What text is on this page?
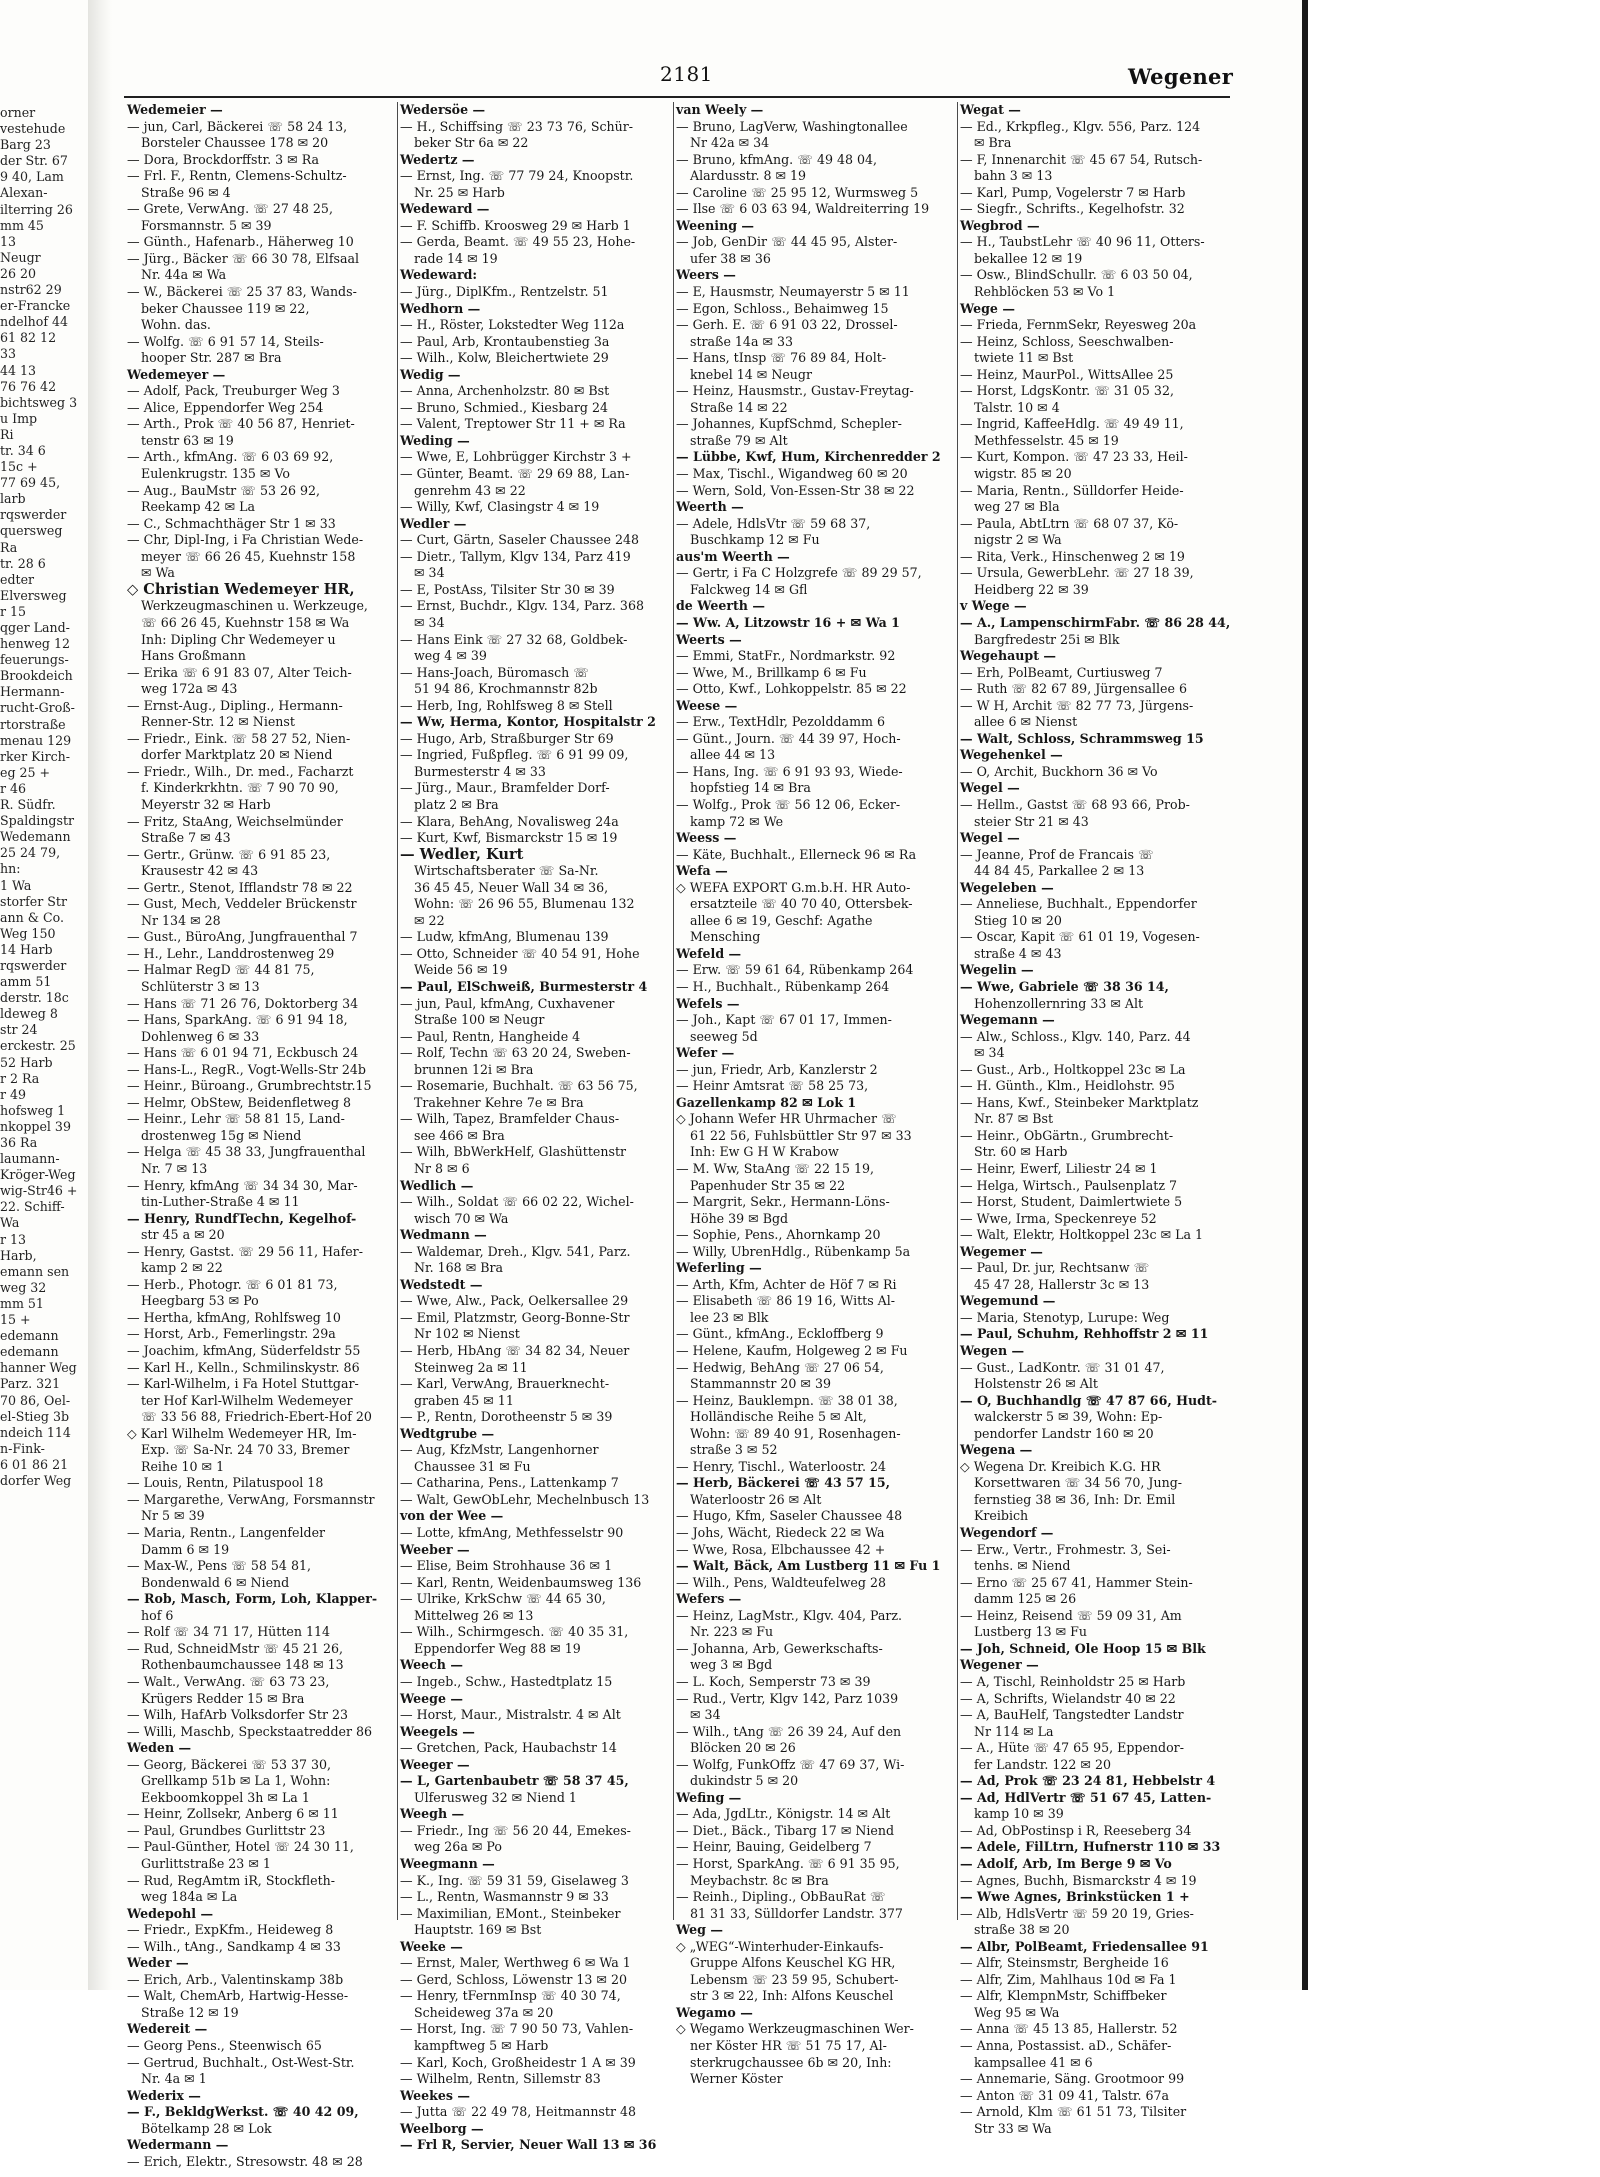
orner
vestehude
Barg 23
der Str. 67
9 40, Lam
Alexan-
ilterring 26
mm 45
13
Neugr
26 20
nstr62 29
er-Francke
ndelhof 44
61 82 12
33
44 13
76 76 42
bichtsweg 3
u Imp
Ri
tr. 34 6
15c +
77 69 45,
larb
rqswerder
quersweg
Ra
tr. 28 6
edter
Elversweg
r 15
qger Land-
henweg 12
feuerungs-
Brookdeich
Hermann-
rucht-Groß-
rtorstraße
menau 129
rker Kirch-
eg 25 +
r 46
R. Südfr.
Spaldingstr
Wedemann
25 24 79,
hn:
1 Wa
storfer Str
ann & Co.
Weg 150
14 Harb
rqswerder
amm 51
derstr. 18c
ldeweg 8
str 24
erckestr. 25
52 Harb
r 2 Ra
r 49
hofsweg 1
nkoppel 39
36 Ra
laumann-
Kröger-Weg
wig-Str46 +
22. Schiff-
Wa
r 13
Harb,
emann sen
weg 32
mm 51
15 +
edemann
edemann
hanner Weg
Parz. 321
70 86, Oel-
el-Stieg 3b
ndeich 114
n-Fink-
6 01 86 21
dorfer Weg
2181	Wegener
Wedemeier —
— jun, Carl, Bäckerei ☏ 58 24 13,
Borsteler Chaussee 178 ✉ 20
— Dora, Brockdorffstr. 3 ✉ Ra
— Frl. F., Rentn, Clemens-Schultz-
Straße 96 ✉ 4
— Grete, VerwAng. ☏ 27 48 25,
Forsmannstr. 5 ✉ 39
— Günth., Hafenarb., Häherweg 10
— Jürg., Bäcker ☏ 66 30 78, Elfsaal
Nr. 44a ✉ Wa
— W., Bäckerei ☏ 25 37 83, Wands-
beker Chaussee 119 ✉ 22,
Wohn. das.
— Wolfg. ☏ 6 91 57 14, Steils-
hooper Str. 287 ✉ Bra
Wedemeyer —
— Adolf, Pack, Treuburger Weg 3
— Alice, Eppendorfer Weg 254
— Arth., Prok ☏ 40 56 87, Henriet-
tenstr 63 ✉ 19
— Arth., kfmAng. ☏ 6 03 69 92,
Eulenkrugstr. 135 ✉ Vo
— Aug., BauMstr ☏ 53 26 92,
Reekamp 42 ✉ La
— C., Schmachthäger Str 1 ✉ 33
— Chr, Dipl-Ing, i Fa Christian Wede-
meyer ☏ 66 26 45, Kuehnstr 158
✉ Wa
◇ Christian Wedemeyer HR,
Werkzeugmaschinen u. Werkzeuge,
☏ 66 26 45, Kuehnstr 158 ✉ Wa
Inh: Dipling Chr Wedemeyer u
Hans Großmann
— Erika ☏ 6 91 83 07, Alter Teich-
weg 172a ✉ 43
— Ernst-Aug., Dipling., Hermann-
Renner-Str. 12 ✉ Nienst
— Friedr., Eink. ☏ 58 27 52, Nien-
dorfer Marktplatz 20 ✉ Niend
— Friedr., Wilh., Dr. med., Facharzt
f. Kinderkrkhtn. ☏ 7 90 70 90,
Meyerstr 32 ✉ Harb
— Fritz, StaAng, Weichselmünder
Straße 7 ✉ 43
— Gertr., Grünw. ☏ 6 91 85 23,
Krausestr 42 ✉ 43
— Gertr., Stenot, Ifflandstr 78 ✉ 22
— Gust, Mech, Veddeler Brückenstr
Nr 134 ✉ 28
— Gust., BüroAng, Jungfrauenthal 7
— H., Lehr., Landdrostenweg 29
— Halmar RegD ☏ 44 81 75,
Schlüterstr 3 ✉ 13
— Hans ☏ 71 26 76, Doktorberg 34
— Hans, SparkAng. ☏ 6 91 94 18,
Dohlenweg 6 ✉ 33
— Hans ☏ 6 01 94 71, Eckbusch 24
— Hans-L., RegR., Vogt-Wells-Str 24b
— Heinr., Büroang., Grumbrechtstr.15
— Helmr, ObStew, Beidenfletweg 8
— Heinr., Lehr ☏ 58 81 15, Land-
drostenweg 15g ✉ Niend
— Helga ☏ 45 38 33, Jungfrauenthal
Nr. 7 ✉ 13
— Henry, kfmAng ☏ 34 34 30, Mar-
tin-Luther-Straße 4 ✉ 11
— Henry, RundfTechn, Kegelhof-
str 45 a ✉ 20
— Henry, Gastst. ☏ 29 56 11, Hafer-
kamp 2 ✉ 22
— Herb., Photogr. ☏ 6 01 81 73,
Heegbarg 53 ✉ Po
— Hertha, kfmAng, Rohlfsweg 10
— Horst, Arb., Femerlingstr. 29a
— Joachim, kfmAng, Süderfeldstr 55
— Karl H., Kelln., Schmilinskystr. 86
— Karl-Wilhelm, i Fa Hotel Stuttgar-
ter Hof Karl-Wilhelm Wedemeyer
☏ 33 56 88, Friedrich-Ebert-Hof 20
◇ Karl Wilhelm Wedemeyer HR, Im-
Exp. ☏ Sa-Nr. 24 70 33, Bremer
Reihe 10 ✉ 1
— Louis, Rentn, Pilatuspool 18
— Margarethe, VerwAng, Forsmannstr
Nr 5 ✉ 39
— Maria, Rentn., Langenfelder
Damm 6 ✉ 19
— Max-W., Pens ☏ 58 54 81,
Bondenwald 6 ✉ Niend
— Rob, Masch, Form, Loh, Klapper-
hof 6
— Rolf ☏ 34 71 17, Hütten 114
— Rud, SchneidMstr ☏ 45 21 26,
Rothenbaumchaussee 148 ✉ 13
— Walt., VerwAng. ☏ 63 73 23,
Krügers Redder 15 ✉ Bra
— Wilh, HafArb Volksdorfer Str 23
— Willi, Maschb, Speckstaatredder 86
Weden —
— Georg, Bäckerei ☏ 53 37 30,
Grellkamp 51b ✉ La 1, Wohn:
Eekboomkoppel 3h ✉ La 1
— Heinr, Zollsekr, Anberg 6 ✉ 11
— Paul, Grundbes Gurlittstr 23
— Paul-Günther, Hotel ☏ 24 30 11,
Gurlittstraße 23 ✉ 1
— Rud, RegAmtm iR, Stockfleth-
weg 184a ✉ La
Wedepohl —
— Friedr., ExpKfm., Heideweg 8
— Wilh., tAng., Sandkamp 4 ✉ 33
Weder —
— Erich, Arb., Valentinskamp 38b
— Walt, ChemArb, Hartwig-Hesse-
Straße 12 ✉ 19
Wedereit —
— Georg Pens., Steenwisch 65
— Gertrud, Buchhalt., Ost-West-Str.
Nr. 4a ✉ 1
Wederix —
— F., BekldgWerkst. ☏ 40 42 09,
Bötelkamp 28 ✉ Lok
Wedermann —
— Erich, Elektr., Stresowstr. 48 ✉ 28
Wedersöe —
— H., Schiffsing ☏ 23 73 76, Schür-
beker Str 6a ✉ 22
Wedertz —
— Ernst, Ing. ☏ 77 79 24, Knoopstr.
Nr. 25 ✉ Harb
Wedeward —
— F. Schiffb. Kroosweg 29 ✉ Harb 1
— Gerda, Beamt. ☏ 49 55 23, Hohe-
rade 14 ✉ 19
Wedeward:
— Jürg., DiplKfm., Rentzelstr. 51
Wedhorn —
— H., Röster, Lokstedter Weg 112a
— Paul, Arb, Krontaubenstieg 3a
— Wilh., Kolw, Bleichertwiete 29
Wedig —
— Anna, Archenholzstr. 80 ✉ Bst
— Bruno, Schmied., Kiesbarg 24
— Valent, Treptower Str 11 + ✉ Ra
Weding —
— Wwe, E, Lohbrügger Kirchstr 3 +
— Günter, Beamt. ☏ 29 69 88, Lan-
genrehm 43 ✉ 22
— Willy, Kwf, Clasingstr 4 ✉ 19
Wedler —
— Curt, Gärtn, Saseler Chaussee 248
— Dietr., Tallym, Klgv 134, Parz 419
✉ 34
— E, PostAss, Tilsiter Str 30 ✉ 39
— Ernst, Buchdr., Klgv. 134, Parz. 368
✉ 34
— Hans Eink ☏ 27 32 68, Goldbek-
weg 4 ✉ 39
— Hans-Joach, Büromasch ☏
51 94 86, Krochmannstr 82b
— Herb, Ing, Rohlfsweg 8 ✉ Stell
— Ww, Herma, Kontor, Hospitalstr 2
— Hugo, Arb, Straßburger Str 69
— Ingried, Fußpfleg. ☏ 6 91 99 09,
Burmesterstr 4 ✉ 33
— Jürg., Maur., Bramfelder Dorf-
platz 2 ✉ Bra
— Klara, BehAng, Novalisweg 24a
— Kurt, Kwf, Bismarckstr 15 ✉ 19
— Wedler, Kurt
Wirtschaftsberater ☏ Sa-Nr.
36 45 45, Neuer Wall 34 ✉ 36,
Wohn: ☏ 26 96 55, Blumenau 132
✉ 22
— Ludw, kfmAng, Blumenau 139
— Otto, Schneider ☏ 40 54 91, Hohe
Weide 56 ✉ 19
— Paul, ElSchweiß, Burmesterstr 4
— jun, Paul, kfmAng, Cuxhavener
Straße 100 ✉ Neugr
— Paul, Rentn, Hangheide 4
— Rolf, Techn ☏ 63 20 24, Sweben-
brunnen 12i ✉ Bra
— Rosemarie, Buchhalt. ☏ 63 56 75,
Trakehner Kehre 7e ✉ Bra
— Wilh, Tapez, Bramfelder Chaus-
see 466 ✉ Bra
— Wilh, BbWerkHelf, Glashüttenstr
Nr 8 ✉ 6
Wedlich —
— Wilh., Soldat ☏ 66 02 22, Wichel-
wisch 70 ✉ Wa
Wedmann —
— Waldemar, Dreh., Klgv. 541, Parz.
Nr. 168 ✉ Bra
Wedstedt —
— Wwe, Alw., Pack, Oelkersallee 29
— Emil, Platzmstr, Georg-Bonne-Str
Nr 102 ✉ Nienst
— Herb, HbAng ☏ 34 82 34, Neuer
Steinweg 2a ✉ 11
— Karl, VerwAng, Brauerknecht-
graben 45 ✉ 11
— P., Rentn, Dorotheenstr 5 ✉ 39
Wedtgrube —
— Aug, KfzMstr, Langenhorner
Chaussee 31 ✉ Fu
— Catharina, Pens., Lattenkamp 7
— Walt, GewObLehr, Mechelnbusch 13
von der Wee —
— Lotte, kfmAng, Methfesselstr 90
Weeber —
— Elise, Beim Strohhause 36 ✉ 1
— Karl, Rentn, Weidenbaumsweg 136
— Ulrike, KrkSchw ☏ 44 65 30,
Mittelweg 26 ✉ 13
— Wilh., Schirmgesch. ☏ 40 35 31,
Eppendorfer Weg 88 ✉ 19
Weech —
— Ingeb., Schw., Hastedtplatz 15
Weege —
— Horst, Maur., Mistralstr. 4 ✉ Alt
Weegels —
— Gretchen, Pack, Haubachstr 14
Weeger —
— L, Gartenbaubetr ☏ 58 37 45,
Ulferusweg 32 ✉ Niend 1
Weegh —
— Friedr., Ing ☏ 56 20 44, Emekes-
weg 26a ✉ Po
Weegmann —
— K., Ing. ☏ 59 31 59, Giselaweg 3
— L., Rentn, Wasmannstr 9 ✉ 33
— Maximilian, EMont., Steinbeker
Hauptstr. 169 ✉ Bst
Weeke —
— Ernst, Maler, Werthweg 6 ✉ Wa 1
— Gerd, Schloss, Löwenstr 13 ✉ 20
— Henry, tFernmInsp ☏ 40 30 74,
Scheideweg 37a ✉ 20
— Horst, Ing. ☏ 7 90 50 73, Vahlen-
kampftweg 5 ✉ Harb
— Karl, Koch, Großheidestr 1 A ✉ 39
— Wilhelm, Rentn, Sillemstr 83
Weekes —
— Jutta ☏ 22 49 78, Heitmannstr 48
Weelborg —
— Frl R, Servier, Neuer Wall 13 ✉ 36
van Weely —
— Bruno, LagVerw, Washingtonallee
Nr 42a ✉ 34
— Bruno, kfmAng. ☏ 49 48 04,
Alardusstr. 8 ✉ 19
— Caroline ☏ 25 95 12, Wurmsweg 5
— Ilse ☏ 6 03 63 94, Waldreiterring 19
Weening —
— Job, GenDir ☏ 44 45 95, Alster-
ufer 38 ✉ 36
Weers —
— E, Hausmstr, Neumayerstr 5 ✉ 11
— Egon, Schloss., Behaimweg 15
— Gerh. E. ☏ 6 91 03 22, Drossel-
straße 14a ✉ 33
— Hans, tInsp ☏ 76 89 84, Holt-
knebel 14 ✉ Neugr
— Heinz, Hausmstr., Gustav-Freytag-
Straße 14 ✉ 22
— Johannes, KupfSchmd, Schepler-
straße 79 ✉ Alt
— Lübbe, Kwf, Hum, Kirchenredder 2
— Max, Tischl., Wigandweg 60 ✉ 20
— Wern, Sold, Von-Essen-Str 38 ✉ 22
Weerth —
— Adele, HdlsVtr ☏ 59 68 37,
Buschkamp 12 ✉ Fu
aus'm Weerth —
— Gertr, i Fa C Holzgrefe ☏ 89 29 57,
Falckweg 14 ✉ Gfl
de Weerth —
— Ww. A, Litzowstr 16 + ✉ Wa 1
Weerts —
— Emmi, StatFr., Nordmarkstr. 92
— Wwe, M., Brillkamp 6 ✉ Fu
— Otto, Kwf., Lohkoppelstr. 85 ✉ 22
Weese —
— Erw., TextHdlr, Pezolddamm 6
— Günt., Journ. ☏ 44 39 97, Hoch-
allee 44 ✉ 13
— Hans, Ing. ☏ 6 91 93 93, Wiede-
hopfstieg 14 ✉ Bra
— Wolfg., Prok ☏ 56 12 06, Ecker-
kamp 72 ✉ We
Weess —
— Käte, Buchhalt., Ellerneck 96 ✉ Ra
Wefa —
◇ WEFA EXPORT G.m.b.H. HR Auto-
ersatzteile ☏ 40 70 40, Ottersbek-
allee 6 ✉ 19, Geschf: Agathe
Mensching
Wefeld —
— Erw. ☏ 59 61 64, Rübenkamp 264
— H., Buchhalt., Rübenkamp 264
Wefels —
— Joh., Kapt ☏ 67 01 17, Immen-
seeweg 5d
Wefer —
— jun, Friedr, Arb, Kanzlerstr 2
— Heinr Amtsrat ☏ 58 25 73,
Gazellenkamp 82 ✉ Lok 1
◇ Johann Wefer HR Uhrmacher ☏
61 22 56, Fuhlsbüttler Str 97 ✉ 33
Inh: Ew G H W Krabow
— M. Ww, StaAng ☏ 22 15 19,
Papenhuder Str 35 ✉ 22
— Margrit, Sekr., Hermann-Löns-
Höhe 39 ✉ Bgd
— Sophie, Pens., Ahornkamp 20
— Willy, UbrenHdlg., Rübenkamp 5a
Weferling —
— Arth, Kfm, Achter de Höf 7 ✉ Ri
— Elisabeth ☏ 86 19 16, Witts Al-
lee 23 ✉ Blk
— Günt., kfmAng., Eckloffberg 9
— Helene, Kaufm, Holgeweg 2 ✉ Fu
— Hedwig, BehAng ☏ 27 06 54,
Stammannstr 20 ✉ 39
— Heinz, Bauklempn. ☏ 38 01 38,
Holländische Reihe 5 ✉ Alt,
Wohn: ☏ 89 40 91, Rosenhagen-
straße 3 ✉ 52
— Henry, Tischl., Waterloostr. 24
— Herb, Bäckerei ☏ 43 57 15,
Waterloostr 26 ✉ Alt
— Hugo, Kfm, Saseler Chaussee 48
— Johs, Wächt, Riedeck 22 ✉ Wa
— Wwe, Rosa, Elbchaussee 42 +
— Walt, Bäck, Am Lustberg 11 ✉ Fu 1
— Wilh., Pens, Waldteufelweg 28
Wefers —
— Heinz, LagMstr., Klgv. 404, Parz.
Nr. 223 ✉ Fu
— Johanna, Arb, Gewerkschafts-
weg 3 ✉ Bgd
— L. Koch, Semperstr 73 ✉ 39
— Rud., Vertr, Klgv 142, Parz 1039
✉ 34
— Wilh., tAng ☏ 26 39 24, Auf den
Blöcken 20 ✉ 26
— Wolfg, FunkOffz ☏ 47 69 37, Wi-
dukindstr 5 ✉ 20
Wefing —
— Ada, JgdLtr., Königstr. 14 ✉ Alt
— Diet., Bäck., Tibarg 17 ✉ Niend
— Heinr, Bauing, Geidelberg 7
— Horst, SparkAng. ☏ 6 91 35 95,
Meybachstr. 8c ✉ Bra
— Reinh., Dipling., ObBauRat ☏
81 31 33, Sülldorfer Landstr. 377
Weg —
◇ „WEG“-Winterhuder-Einkaufs-
Gruppe Alfons Keuschel KG HR,
Lebensm ☏ 23 59 95, Schubert-
str 3 ✉ 22, Inh: Alfons Keuschel
Wegamo —
◇ Wegamo Werkzeugmaschinen Wer-
ner Köster HR ☏ 51 75 17, Al-
sterkrugchaussee 6b ✉ 20, Inh:
Werner Köster
Wegat —
— Ed., Krkpfleg., Klgv. 556, Parz. 124
✉ Bra
— F, Innenarchit ☏ 45 67 54, Rutsch-
bahn 3 ✉ 13
— Karl, Pump, Vogelerstr 7 ✉ Harb
— Siegfr., Schrifts., Kegelhofstr. 32
Wegbrod —
— H., TaubstLehr ☏ 40 96 11, Otters-
bekallee 12 ✉ 19
— Osw., BlindSchullr. ☏ 6 03 50 04,
Rehblöcken 53 ✉ Vo 1
Wege —
— Frieda, FernmSekr, Reyesweg 20a
— Heinz, Schloss, Seeschwalben-
twiete 11 ✉ Bst
— Heinz, MaurPol., WittsAllee 25
— Horst, LdgsKontr. ☏ 31 05 32,
Talstr. 10 ✉ 4
— Ingrid, KaffeeHdlg. ☏ 49 49 11,
Methfesselstr. 45 ✉ 19
— Kurt, Kompon. ☏ 47 23 33, Heil-
wigstr. 85 ✉ 20
— Maria, Rentn., Sülldorfer Heide-
weg 27 ✉ Bla
— Paula, AbtLtrn ☏ 68 07 37, Kö-
nigstr 2 ✉ Wa
— Rita, Verk., Hinschenweg 2 ✉ 19
— Ursula, GewerbLehr. ☏ 27 18 39,
Heidberg 22 ✉ 39
v Wege —
— A., LampenschirmFabr. ☏ 86 28 44,
Bargfredestr 25i ✉ Blk
Wegehaupt —
— Erh, PolBeamt, Curtiusweg 7
— Ruth ☏ 82 67 89, Jürgensallee 6
— W H, Archit ☏ 82 77 73, Jürgens-
allee 6 ✉ Nienst
— Walt, Schloss, Schrammsweg 15
Wegehenkel —
— O, Archit, Buckhorn 36 ✉ Vo
Wegel —
— Hellm., Gastst ☏ 68 93 66, Prob-
steier Str 21 ✉ 43
Wegel —
— Jeanne, Prof de Francais ☏
44 84 45, Parkallee 2 ✉ 13
Wegeleben —
— Anneliese, Buchhalt., Eppendorfer
Stieg 10 ✉ 20
— Oscar, Kapit ☏ 61 01 19, Vogesen-
straße 4 ✉ 43
Wegelin —
— Wwe, Gabriele ☏ 38 36 14,
Hohenzollernring 33 ✉ Alt
Wegemann —
— Alw., Schloss., Klgv. 140, Parz. 44
✉ 34
— Gust., Arb., Holtkoppel 23c ✉ La
— H. Günth., Klm., Heidlohstr. 95
— Hans, Kwf., Steinbeker Marktplatz
Nr. 87 ✉ Bst
— Heinr., ObGärtn., Grumbrecht-
Str. 60 ✉ Harb
— Heinr, Ewerf, Liliestr 24 ✉ 1
— Helga, Wirtsch., Paulsenplatz 7
— Horst, Student, Daimlertwiete 5
— Wwe, Irma, Speckenreye 52
— Walt, Elektr, Holtkoppel 23c ✉ La 1
Wegemer —
— Paul, Dr. jur, Rechtsanw ☏
45 47 28, Hallerstr 3c ✉ 13
Wegemund —
— Maria, Stenotyp, Lurupe: Weg
— Paul, Schuhm, Rehhoffstr 2 ✉ 11
Wegen —
— Gust., LadKontr. ☏ 31 01 47,
Holstenstr 26 ✉ Alt
— O, Buchhandlg ☏ 47 87 66, Hudt-
walckerstr 5 ✉ 39, Wohn: Ep-
pendorfer Landstr 160 ✉ 20
Wegena —
◇ Wegena Dr. Kreibich K.G. HR
Korsettwaren ☏ 34 56 70, Jung-
fernstieg 38 ✉ 36, Inh: Dr. Emil
Kreibich
Wegendorf —
— Erw., Vertr., Frohmestr. 3, Sei-
tenhs. ✉ Niend
— Erno ☏ 25 67 41, Hammer Stein-
damm 125 ✉ 26
— Heinz, Reisend ☏ 59 09 31, Am
Lustberg 13 ✉ Fu
— Joh, Schneid, Ole Hoop 15 ✉ Blk
Wegener —
— A, Tischl, Reinholdstr 25 ✉ Harb
— A, Schrifts, Wielandstr 40 ✉ 22
— A, BauHelf, Tangstedter Landstr
Nr 114 ✉ La
— A., Hüte ☏ 47 65 95, Eppendor-
fer Landstr. 122 ✉ 20
— Ad, Prok ☏ 23 24 81, Hebbelstr 4
— Ad, HdlVertr ☏ 51 67 45, Latten-
kamp 10 ✉ 39
— Ad, ObPostinsp i R, Reeseberg 34
— Adele, FilLtrn, Hufnerstr 110 ✉ 33
— Adolf, Arb, Im Berge 9 ✉ Vo
— Agnes, Buchh, Bismarckstr 4 ✉ 19
— Wwe Agnes, Brinkstücken 1 +
— Alb, HdlsVertr ☏ 59 20 19, Gries-
straße 38 ✉ 20
— Albr, PolBeamt, Friedensallee 91
— Alfr, Steinsmstr, Bergheide 16
— Alfr, Zim, Mahlhaus 10d ✉ Fa 1
— Alfr, KlempnMstr, Schiffbeker
Weg 95 ✉ Wa
— Anna ☏ 45 13 85, Hallerstr. 52
— Anna, Postassist. aD., Schäfer-
kampsallee 41 ✉ 6
— Annemarie, Säng. Grootmoor 99
— Anton ☏ 31 09 41, Talstr. 67a
— Arnold, Klm ☏ 61 51 73, Tilsiter
Str 33 ✉ Wa
